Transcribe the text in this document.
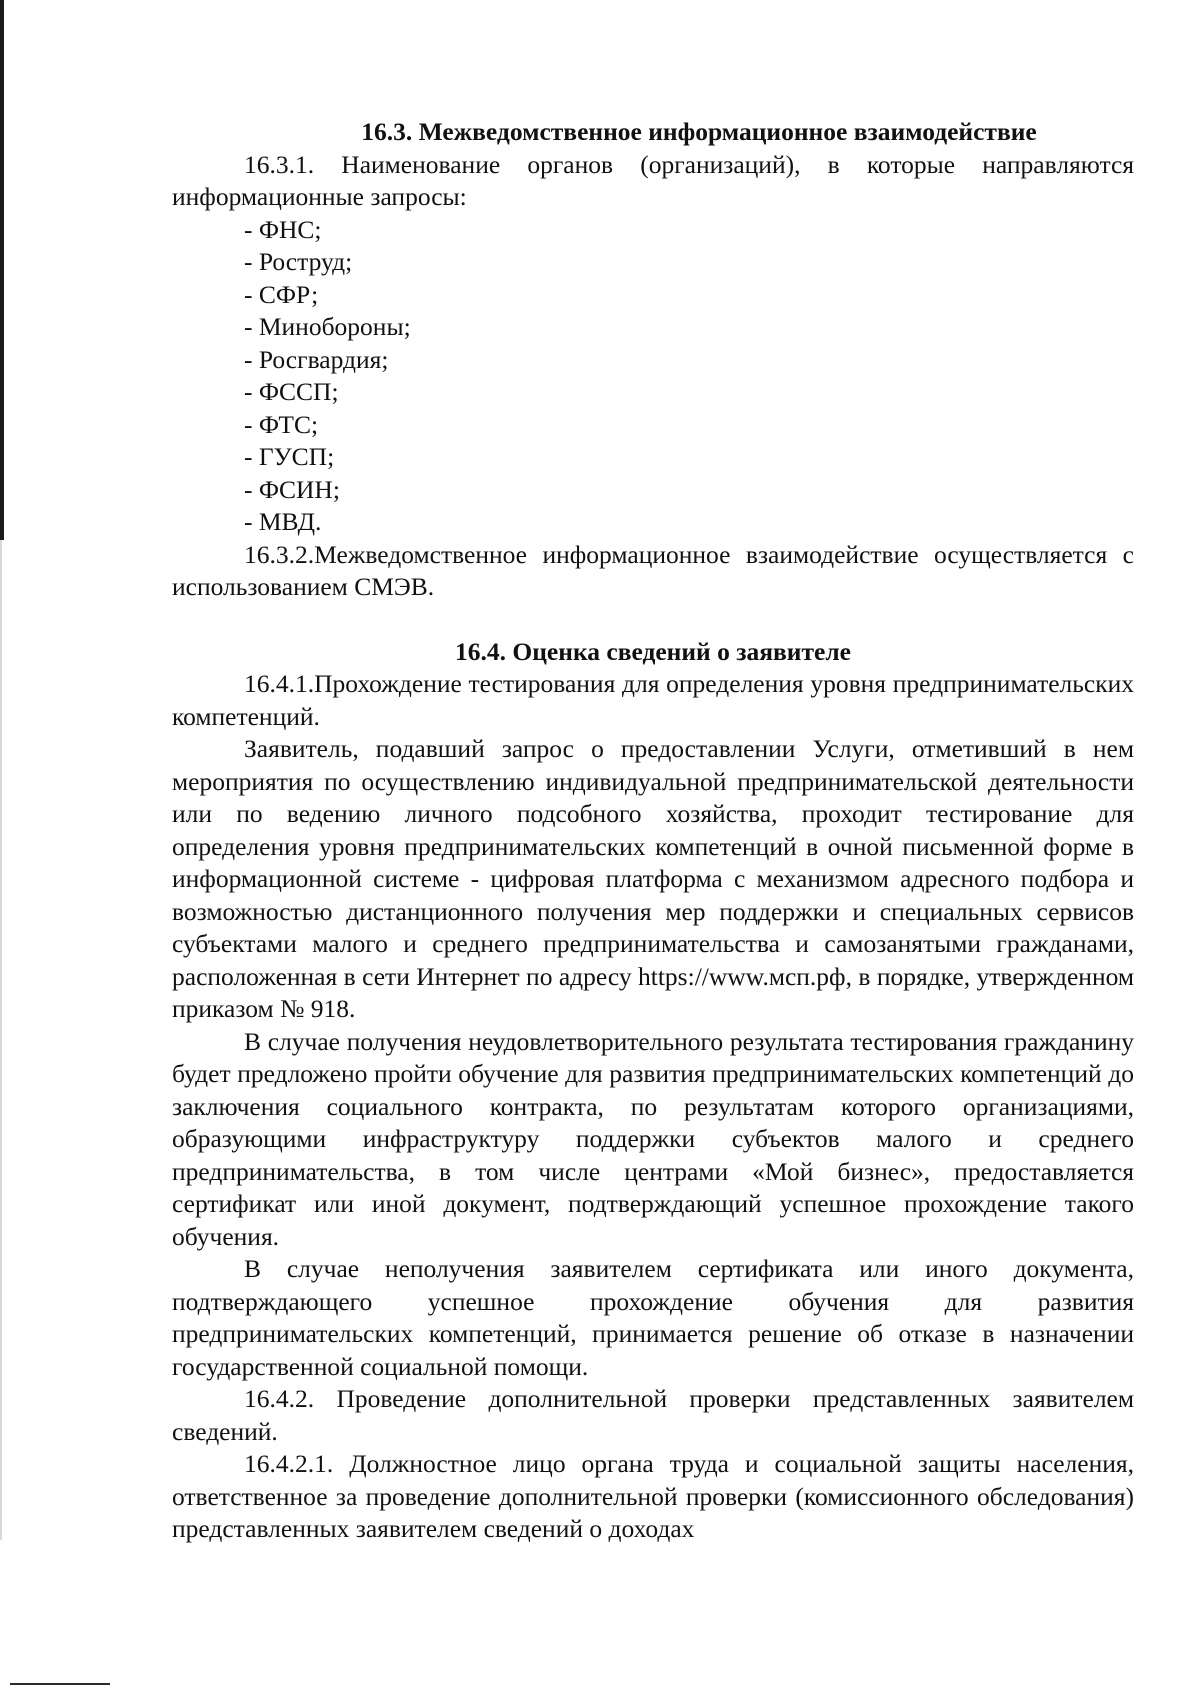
16.3. Межведомственное информационное взаимодействие

16.3.1. Наименование органов (организаций), в которые направляются информационные запросы:

- ФНС;
- Роструд;
- СФР;
- Минобороны;
- Росгвардия;
- ФССП;
- ФТС;
- ГУСП;
- ФСИН;
- МВД.

16.3.2.Межведомственное информационное взаимодействие осуществляется с использованием СМЭВ.

16.4. Оценка сведений о заявителе

16.4.1.Прохождение тестирования для определения уровня предпринимательских компетенций.

Заявитель, подавший запрос о предоставлении Услуги, отметивший в нем мероприятия по осуществлению индивидуальной предпринимательской деятельности или по ведению личного подсобного хозяйства, проходит тестирование для определения уровня предпринимательских компетенций в очной письменной форме в информационной системе - цифровая платформа с механизмом адресного подбора и возможностью дистанционного получения мер поддержки и специальных сервисов субъектами малого и среднего предпринимательства и самозанятыми гражданами, расположенная в сети Интернет по адресу https://www.мсп.рф, в порядке, утвержденном приказом № 918.

В случае получения неудовлетворительного результата тестирования гражданину будет предложено пройти обучение для развития предпринимательских компетенций до заключения социального контракта, по результатам которого организациями, образующими инфраструктуру поддержки субъектов малого и среднего предпринимательства, в том числе центрами «Мой бизнес», предоставляется сертификат или иной документ, подтверждающий успешное прохождение такого обучения.

В случае неполучения заявителем сертификата или иного документа, подтверждающего успешное прохождение обучения для развития предпринимательских компетенций, принимается решение об отказе в назначении государственной социальной помощи.

16.4.2. Проведение дополнительной проверки представленных заявителем сведений.

16.4.2.1. Должностное лицо органа труда и социальной защиты населения, ответственное за проведение дополнительной проверки (комиссионного обследования) представленных заявителем сведений о доходах
